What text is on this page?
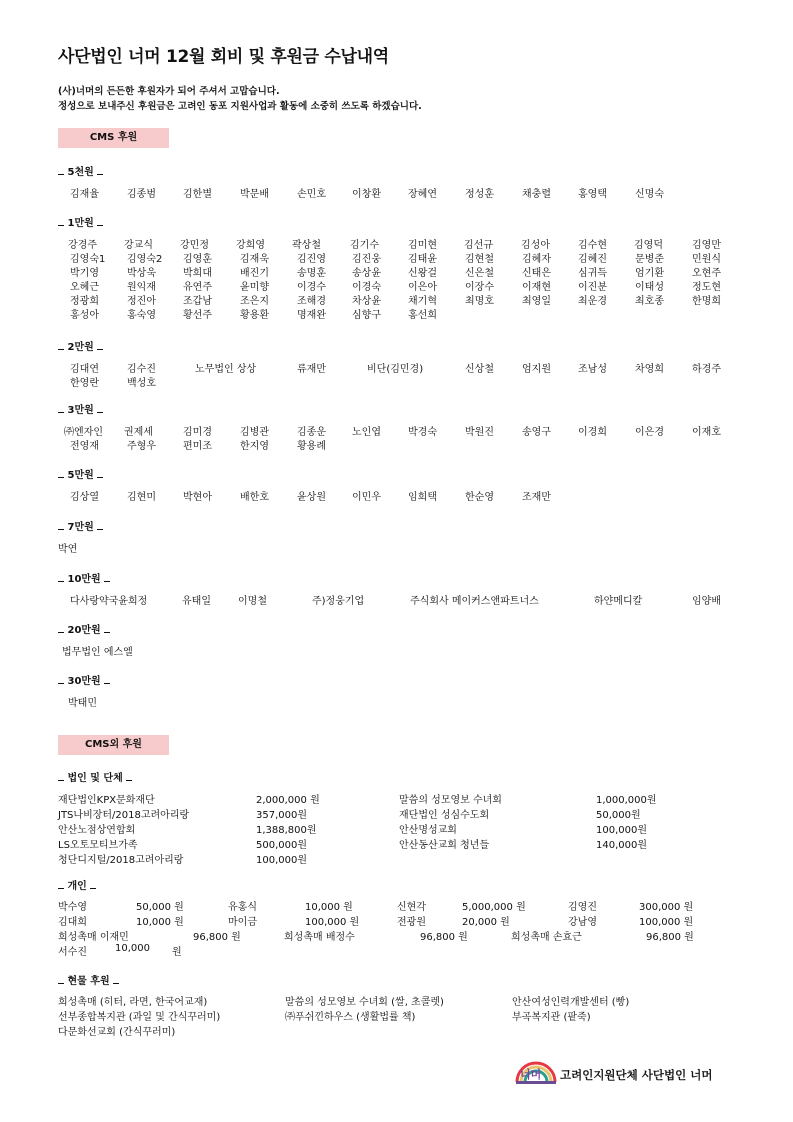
사단법인 너머 12월 회비 및 후원금 수납내역
(사)너머의 든든한 후원자가 되어 주셔서 고맙습니다.
정성으로 보내주신 후원금은 고려인 동포 지원사업과 활동에 소중히 쓰도록 하겠습니다.
CMS 후원
5천원
김재율	김종범	김한별	박문배	손민호	이창환	장혜연	정성훈	채충렬	홍영택	신명숙
1만원
강경주	강교식	강민정	강희영	곽상철	김기수	김미현	김선규	김성아	김수현	김영덕	김영만
김영숙1 김영숙2 김영훈	김재욱	김진영	김진웅	김태윤	김현철	김혜자	김혜진	문병준	민원식
박기영	박상욱	박희대	배진기	송명훈	송상윤	신왕걸	신은철	신태은	심귀득	엄기환	오현주
오혜근	원익재	유연주	윤미향	이경수	이경숙	이은아	이장수	이재현	이진분	이태성	정도현
정광희	정진아	조갑남	조은지	조해경	차상윤	채기혁	최명호	최영일	최운경	최호종	한명희
홍성아	홍숙영	황선주	황용환	명재완	심향구	홍선희
2만원
김대연	김수진	노무법인 상상	류재만	비단(김민경)	신상철	엄지원	조남성	차영희	하경주
한영란	백성호
3만원
㈜엔자인 권제세	김미경	김병관	김종운	노인엽	박경숙	박원진	송영구	이경희	이은경	이재호
전영재	주형우	편미조	한지영	황용례
5만원
김상열	김현미	박현아	배한호	윤상원	이민우	임희택	한순영	조재만
7만원
박연
10만원
다사랑약국윤희정	유태일	이명철	주)정웅기업	주식회사 메이커스앤파트너스	하얀메디칼	임양배
20만원
법무법인 에스엘
30만원
박태민
CMS외 후원
법인 및 단체
재단법인KPX문화재단	2,000,000 원	말씀의 성모영보 수녀회	1,000,000원
JTS나비장터/2018고려아리랑	357,000원	재단법인 성심수도회	50,000원
안산노점상연합회	1,388,800원	안산명성교회	100,000원
LS오토모티브가족	500,000원	안산동산교회 청년들	140,000원
청단디지털/2018고려아리랑	100,000원
개인
박수영	50,000 원	유홍식	10,000 원	신현각	5,000,000 원	김영진	300,000 원
김대희	10,000 원	마이금	100,000 원	전광원	20,000 원	강남영	100,000 원
희성촉매 이재민	96,800 원	희성촉매 배정수	96,800 원	희성촉매 손효근	96,800 원
서수진	10,000 원
현물 후원
희성촉매 (히터, 라면, 한국어교재)	말씀의 성모영보 수녀회 (쌀, 초콜렛)	안산여성인력개발센터 (빵)
선부종합복지관 (과일 및 간식꾸러미)	㈜푸쉬낀하우스 (생활법률 책)	부곡복지관 (팥죽)
다문화선교회 (간식꾸러미)
너머 고려인지원단체 사단법인 너머
